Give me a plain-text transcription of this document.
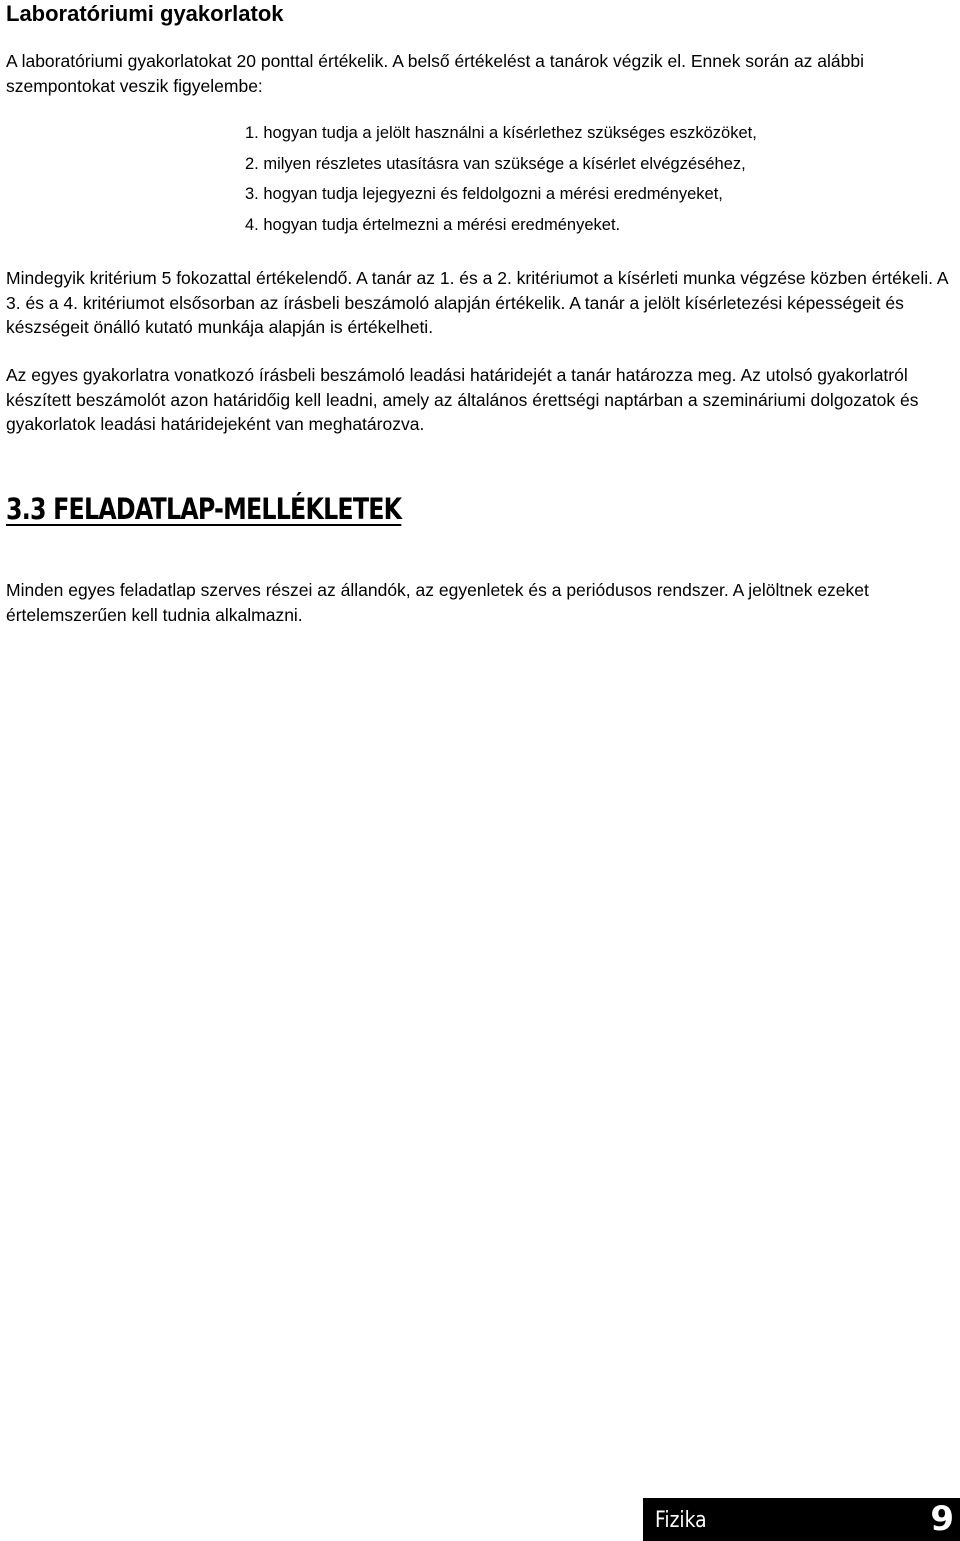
Laboratóriumi gyakorlatok

A laboratóriumi gyakorlatokat 20 ponttal értékelik. A belső értékelést a tanárok végzik el. Ennek során az alábbi szempontokat veszik figyelembe:

1. hogyan tudja a jelölt használni a kísérlethez szükséges eszközöket,
2. milyen részletes utasításra van szüksége a kísérlet elvégzéséhez,
3. hogyan tudja lejegyezni és feldolgozni a mérési eredményeket,
4. hogyan tudja értelmezni a mérési eredményeket.

Mindegyik kritérium 5 fokozattal értékelendő. A tanár az 1. és a 2. kritériumot a kísérleti munka végzése közben értékeli. A 3. és a 4. kritériumot elsősorban az írásbeli beszámoló alapján értékelik. A tanár a jelölt kísérletezési képességeit és készségeit önálló kutató munkája alapján is értékelheti.

Az egyes gyakorlatra vonatkozó írásbeli beszámoló leadási határidejét a tanár határozza meg. Az utolsó gyakorlatról készített beszámolót azon határidőig kell leadni, amely az általános érettségi naptárban a szemináriumi dolgozatok és gyakorlatok leadási határidejeként van meghatározva.

3.3 FELADATLAP-MELLÉKLETEK

Minden egyes feladatlap szerves részei az állandók, az egyenletek és a periódusos rendszer. A jelöltnek ezeket értelemszerűen kell tudnia alkalmazni.

Fizika	9
